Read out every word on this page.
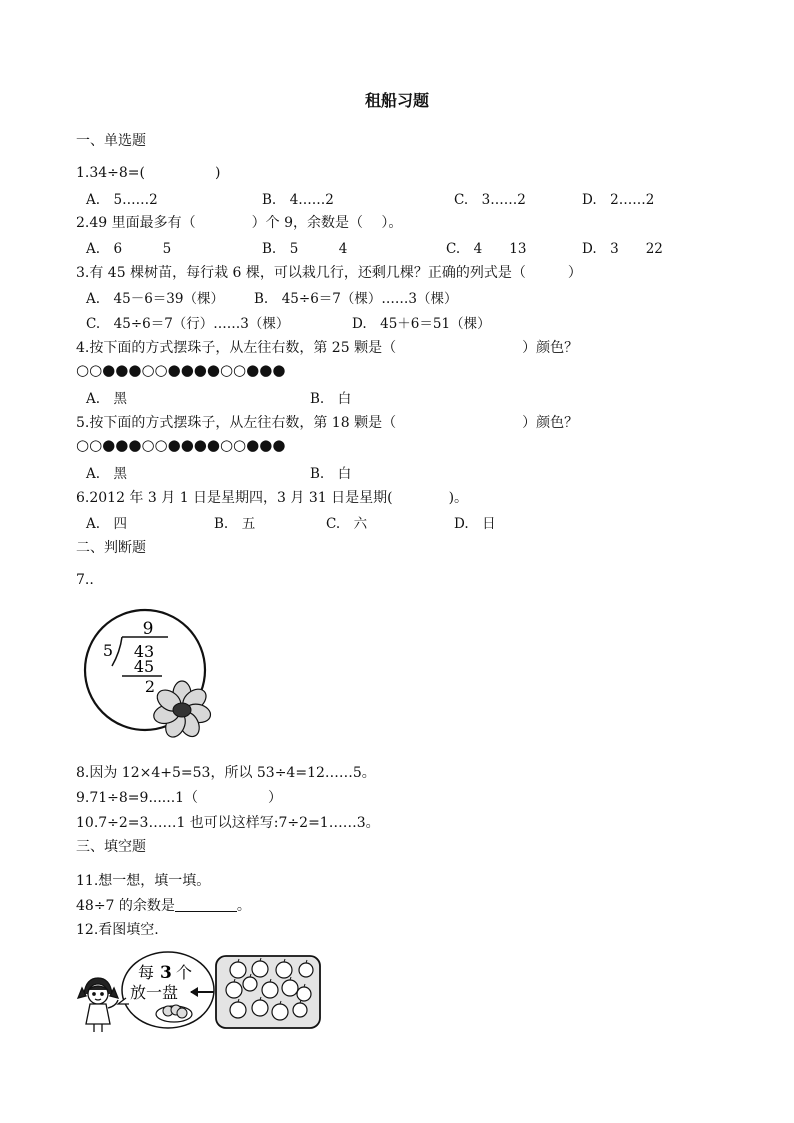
租船习题
一、单选题
1.34÷8=(　　　　　)
A.　5……2	B.　4……2	C.　3……2	D.　2……2
2.49 里面最多有（　　　　）个 9，余数是（　 ）。
A.　6　　　5	B.　5　　　4	C.　4　　13	D.　3　　22
3.有 45 棵树苗，每行栽 6 棵，可以栽几行，还剩几棵？正确的列式是（　　　）
A.　45－6＝39（棵） B.　45÷6＝7（棵）……3（棵）
C.　45÷6＝7（行）……3（棵）	D.　45＋6＝51（棵）
4.按下面的方式摆珠子，从左往右数，第 25 颗是（　　　　　　　　　）颜色？
○○●●●○○●●●●○○●●●
A.　黑	B.　白
5.按下面的方式摆珠子，从左往右数，第 18 颗是（　　　　　　　　　）颜色？
○○●●●○○●●●●○○●●●
A.　黑	B.　白
6.2012 年 3 月 1 日是星期四，3 月 31 日是星期(　　　　)。
A.　四	B.　五	C.　六	D.　日
二、判断题
7..
9
5 43
45
2
8.因为 12×4+5=53，所以 53÷4=12……5。
9.71÷8=9......1（　　　　　）
10.7÷2=3……1 也可以这样写:7÷2=1……3。
三、填空题
11.想一想，填一填。
48÷7 的余数是	。
12.看图填空.
每 3 个
放一盘
